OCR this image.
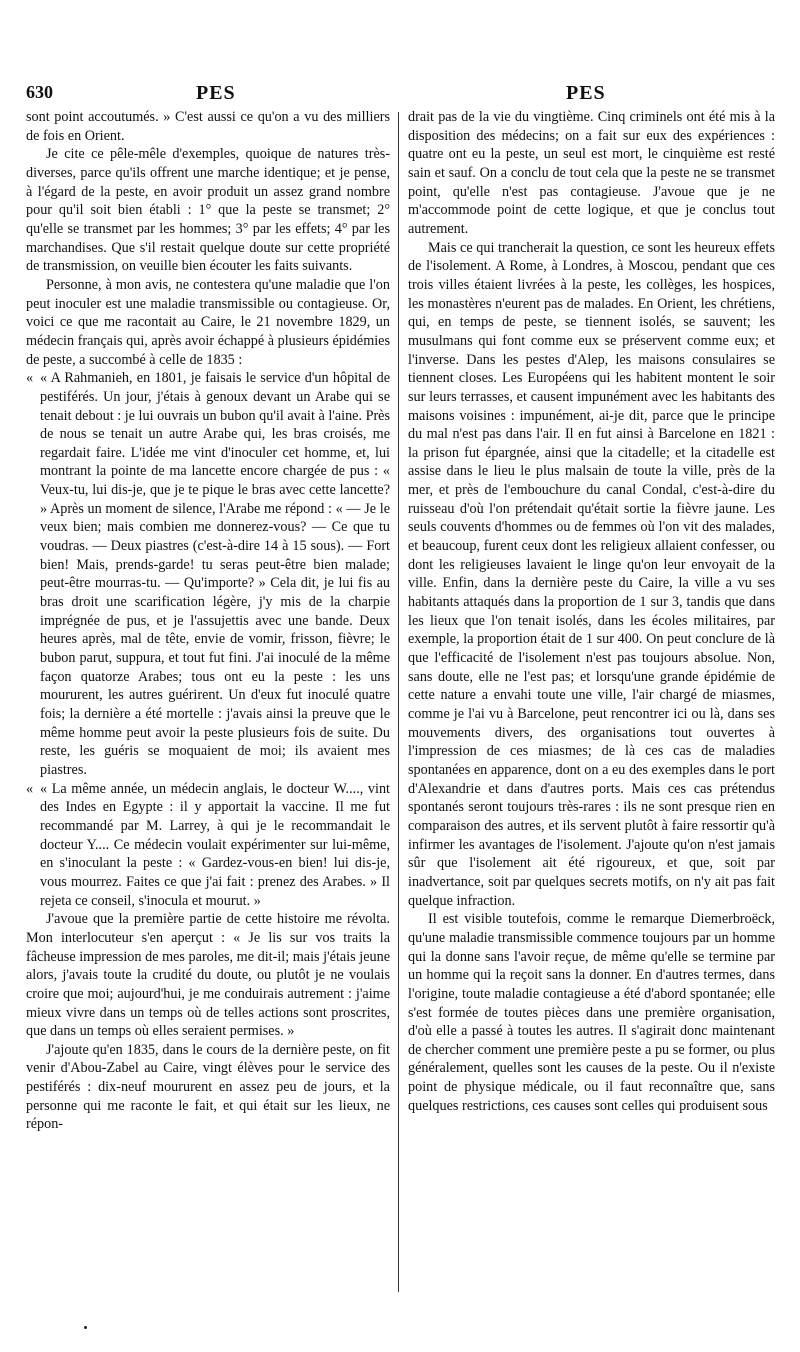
630	PES	PES

sont point accoutumés. » C'est aussi ce qu'on a vu des milliers de fois en Orient.

Je cite ce pêle-mêle d'exemples, quoique de natures très-diverses, parce qu'ils offrent une marche identique; et je pense, à l'égard de la peste, en avoir produit un assez grand nombre pour qu'il soit bien établi : 1° que la peste se transmet; 2° qu'elle se transmet par les hommes; 3° par les effets; 4° par les marchandises. Que s'il restait quelque doute sur cette propriété de transmission, on veuille bien écouter les faits suivants.

Personne, à mon avis, ne contestera qu'une maladie que l'on peut inoculer est une maladie transmissible ou contagieuse. Or, voici ce que me racontait au Caire, le 21 novembre 1829, un médecin français qui, après avoir échappé à plusieurs épidémies de peste, a succombé à celle de 1835 :

« « A Rahmanieh, en 1801, je faisais le service d'un hôpital de pestiférés. Un jour, j'étais à genoux devant un Arabe qui se tenait debout : je lui ouvrais un bubon qu'il avait à l'aine. Près de nous se tenait un autre Arabe qui, les bras croisés, me regardait faire. L'idée me vint d'inoculer cet homme, et, lui montrant la pointe de ma lancette encore chargée de pus : « Veux-tu, lui dis-je, que je te pique le bras avec cette lancette? » Après un moment de silence, l'Arabe me répond : « — Je le veux bien; mais combien me donnerez-vous? — Ce que tu voudras. — Deux piastres (c'est-à-dire 14 à 15 sous). — Fort bien! Mais, prends-garde! tu seras peut-être bien malade; peut-être mourras-tu. — Qu'importe? » Cela dit, je lui fis au bras droit une scarification légère, j'y mis de la charpie imprégnée de pus, et je l'assujettis avec une bande. Deux heures après, mal de tête, envie de vomir, frisson, fièvre; le bubon parut, suppura, et tout fut fini. J'ai inoculé de la même façon quatorze Arabes; tous ont eu la peste : les uns moururent, les autres guérirent. Un d'eux fut inoculé quatre fois; la dernière a été mortelle : j'avais ainsi la preuve que le même homme peut avoir la peste plusieurs fois de suite. Du reste, les guéris se moquaient de moi; ils avaient mes piastres.

« « La même année, un médecin anglais, le docteur W...., vint des Indes en Egypte : il y apportait la vaccine. Il me fut recommandé par M. Larrey, à qui je le recommandait le docteur Y.... Ce médecin voulait expérimenter sur lui-même, en s'inoculant la peste : « Gardez-vous-en bien! lui dis-je, vous mourrez. Faites ce que j'ai fait : prenez des Arabes. » Il rejeta ce conseil, s'inocula et mourut. »

J'avoue que la première partie de cette histoire me révolta. Mon interlocuteur s'en aperçut : « Je lis sur vos traits la fâcheuse impression de mes paroles, me dit-il; mais j'étais jeune alors, j'avais toute la crudité du doute, ou plutôt je ne voulais croire que moi; aujourd'hui, je me conduirais autrement : j'aime mieux vivre dans un temps où de telles actions sont proscrites, que dans un temps où elles seraient permises. »

J'ajoute qu'en 1835, dans le cours de la dernière peste, on fit venir d'Abou-Zabel au Caire, vingt élèves pour le service des pestiférés : dix-neuf moururent en assez peu de jours, et la personne qui me raconte le fait, et qui était sur les lieux, ne répon-

drait pas de la vie du vingtième. Cinq criminels ont été mis à la disposition des médecins; on a fait sur eux des expériences : quatre ont eu la peste, un seul est mort, le cinquième est resté sain et sauf. On a conclu de tout cela que la peste ne se transmet point, qu'elle n'est pas contagieuse. J'avoue que je ne m'accommode point de cette logique, et que je conclus tout autrement.

Mais ce qui trancherait la question, ce sont les heureux effets de l'isolement. A Rome, à Londres, à Moscou, pendant que ces trois villes étaient livrées à la peste, les collèges, les hospices, les monastères n'eurent pas de malades. En Orient, les chrétiens, qui, en temps de peste, se tiennent isolés, se sauvent; les musulmans qui font comme eux se préservent comme eux; et l'inverse. Dans les pestes d'Alep, les maisons consulaires se tiennent closes. Les Européens qui les habitent montent le soir sur leurs terrasses, et causent impunément avec les habitants des maisons voisines : impunément, ai-je dit, parce que le principe du mal n'est pas dans l'air. Il en fut ainsi à Barcelone en 1821 : la prison fut épargnée, ainsi que la citadelle; et la citadelle est assise dans le lieu le plus malsain de toute la ville, près de la mer, et près de l'embouchure du canal Condal, c'est-à-dire du ruisseau d'où l'on prétendait qu'était sortie la fièvre jaune. Les seuls couvents d'hommes ou de femmes où l'on vit des malades, et beaucoup, furent ceux dont les religieux allaient confesser, ou dont les religieuses lavaient le linge qu'on leur envoyait de la ville. Enfin, dans la dernière peste du Caire, la ville a vu ses habitants attaqués dans la proportion de 1 sur 3, tandis que dans les lieux que l'on tenait isolés, dans les écoles militaires, par exemple, la proportion était de 1 sur 400. On peut conclure de là que l'efficacité de l'isolement n'est pas toujours absolue. Non, sans doute, elle ne l'est pas; et lorsqu'une grande épidémie de cette nature a envahi toute une ville, l'air chargé de miasmes, comme je l'ai vu à Barcelone, peut rencontrer ici ou là, dans ses mouvements divers, des organisations tout ouvertes à l'impression de ces miasmes; de là ces cas de maladies spontanées en apparence, dont on a eu des exemples dans le port d'Alexandrie et dans d'autres ports. Mais ces cas prétendus spontanés seront toujours très-rares : ils ne sont presque rien en comparaison des autres, et ils servent plutôt à faire ressortir qu'à infirmer les avantages de l'isolement. J'ajoute qu'on n'est jamais sûr que l'isolement ait été rigoureux, et que, soit par inadvertance, soit par quelques secrets motifs, on n'y ait pas fait quelque infraction.

Il est visible toutefois, comme le remarque Diemerbroëck, qu'une maladie transmissible commence toujours par un homme qui la donne sans l'avoir reçue, de même qu'elle se termine par un homme qui la reçoit sans la donner. En d'autres termes, dans l'origine, toute maladie contagieuse a été d'abord spontanée; elle s'est formée de toutes pièces dans une première organisation, d'où elle a passé à toutes les autres. Il s'agirait donc maintenant de chercher comment une première peste a pu se former, ou plus généralement, quelles sont les causes de la peste. Ou il n'existe point de physique médicale, ou il faut reconnaître que, sans quelques restrictions, ces causes sont celles qui produisent sous
